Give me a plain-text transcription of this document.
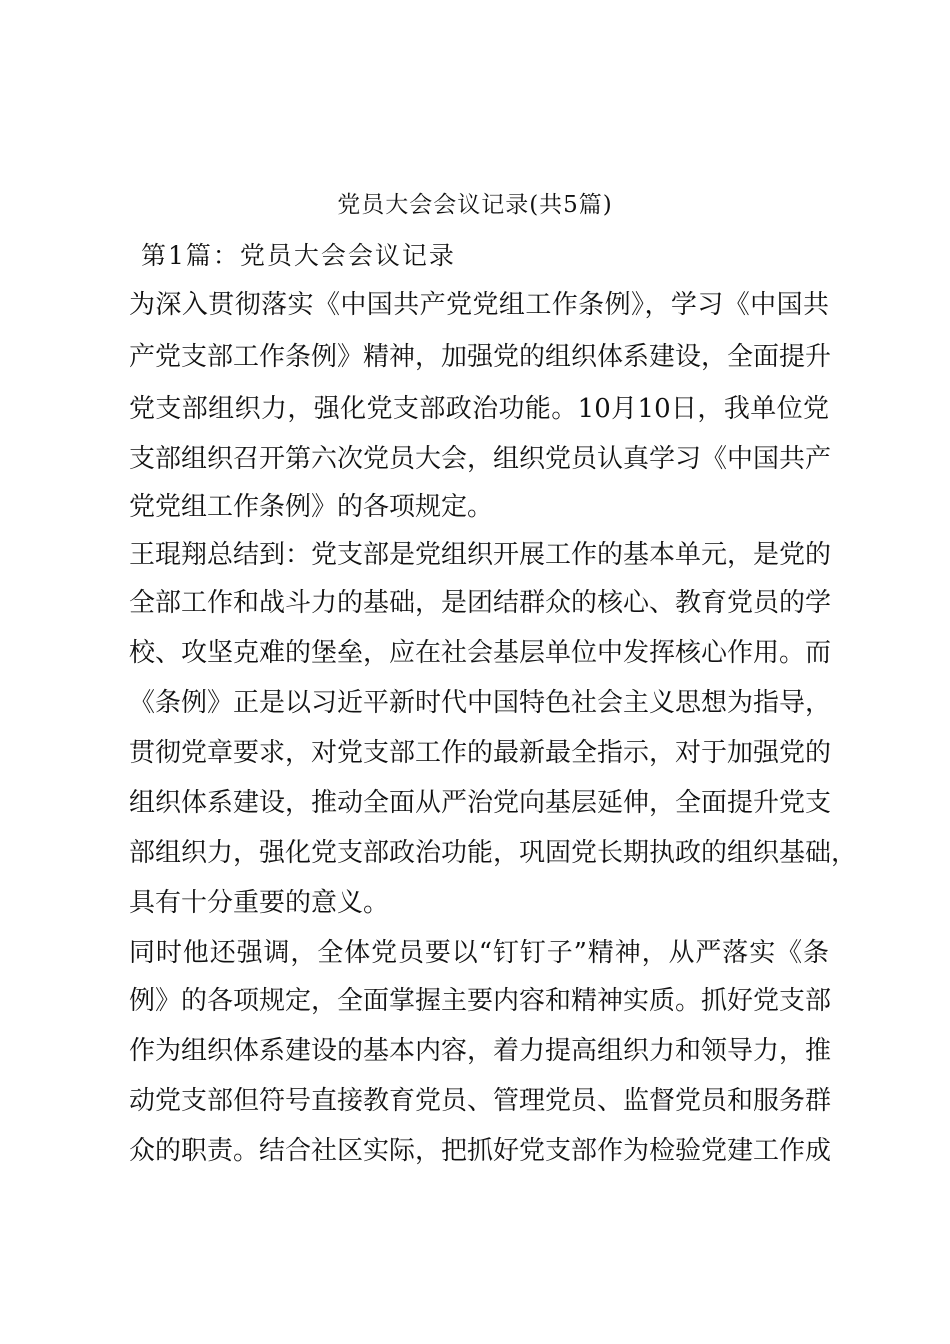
党员大会会议记录(共5篇)
第1篇：党员大会会议记录
为深入贯彻落实《中国共产党党组工作条例》，学习《中国共
产党支部工作条例》精神，加强党的组织体系建设，全面提升
党支部组织力，强化党支部政治功能。10月10日，我单位党
支部组织召开第六次党员大会，组织党员认真学习《中国共产
党党组工作条例》的各项规定。
王琨翔总结到：党支部是党组织开展工作的基本单元，是党的
全部工作和战斗力的基础，是团结群众的核心、教育党员的学
校、攻坚克难的堡垒，应在社会基层单位中发挥核心作用。而
《条例》正是以习近平新时代中国特色社会主义思想为指导，
贯彻党章要求，对党支部工作的最新最全指示，对于加强党的
组织体系建设，推动全面从严治党向基层延伸，全面提升党支
部组织力，强化党支部政治功能，巩固党长期执政的组织基础，
具有十分重要的意义。
同时他还强调，全体党员要以“钉钉子”精神，从严落实《条
例》的各项规定，全面掌握主要内容和精神实质。抓好党支部
作为组织体系建设的基本内容，着力提高组织力和领导力，推
动党支部但符号直接教育党员、管理党员、监督党员和服务群
众的职责。结合社区实际，把抓好党支部作为检验党建工作成
